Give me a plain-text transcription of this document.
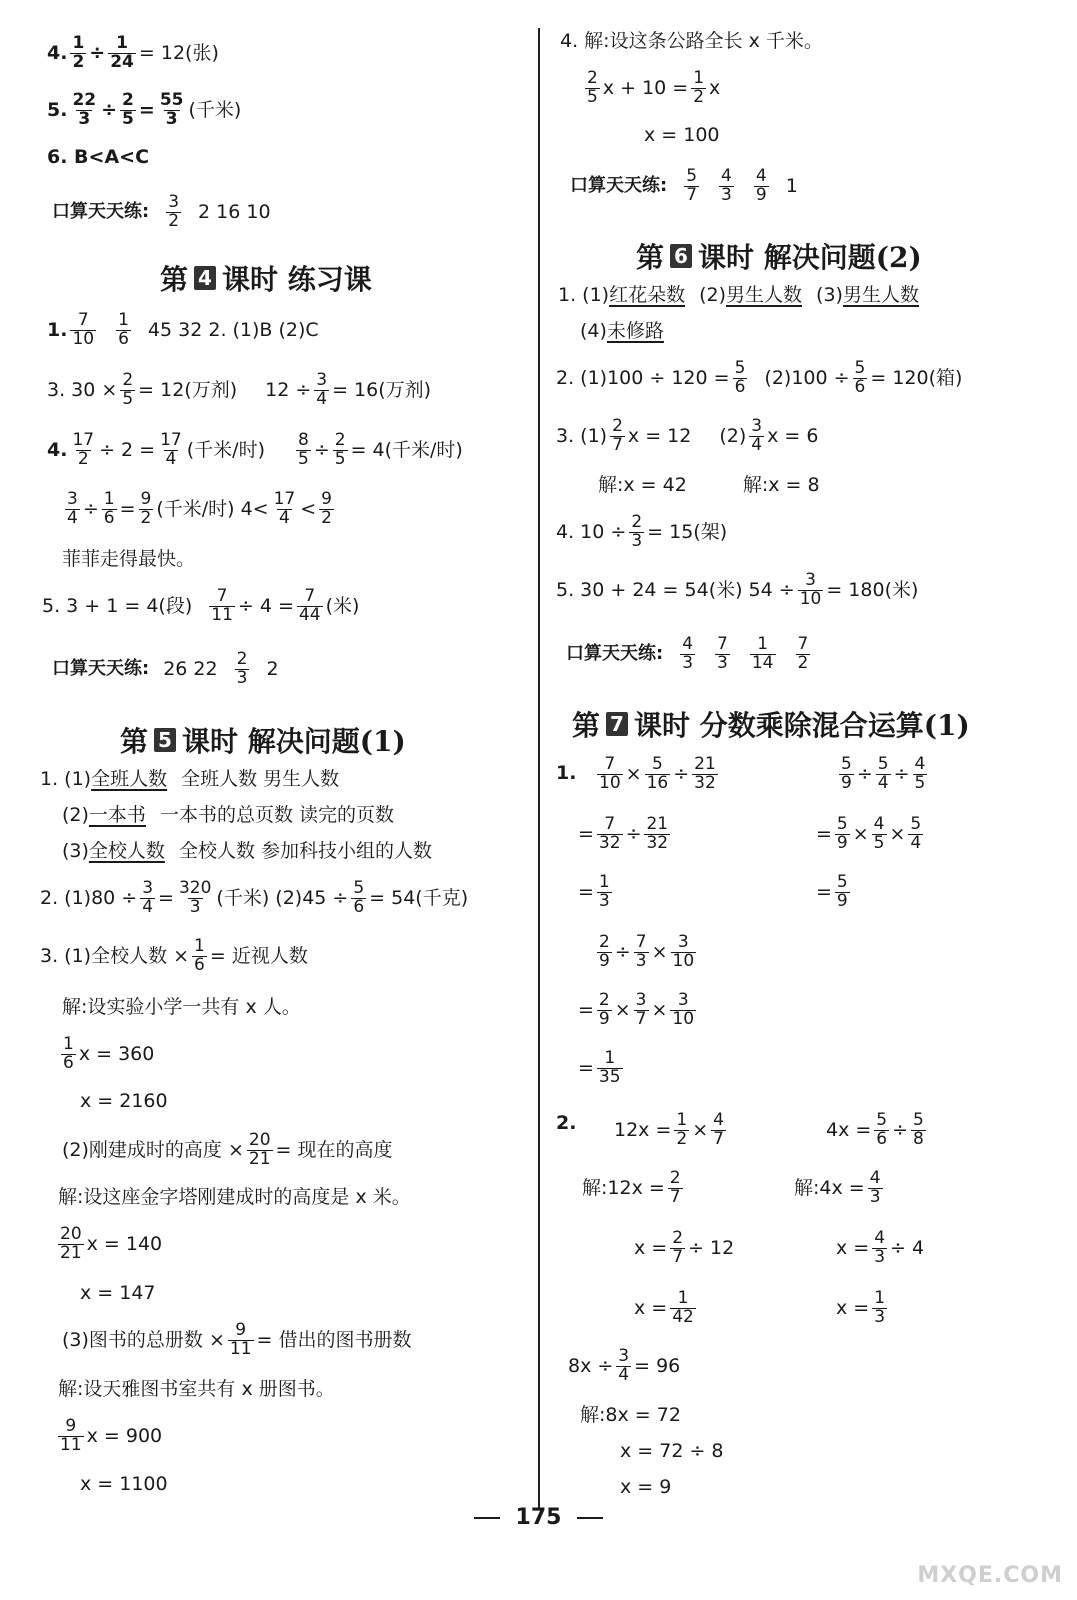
4. $\frac{1}{2} \div \frac{1}{24} = 12$(张)
5. $\frac{22}{3} \div \frac{2}{5} = \frac{55}{3}$ (千米)
6. B<A<C
口算天天练: $\frac{3}{2} 2$ 16 10
第 4 课时 练习课
1. $\frac{7}{10} \frac{1}{6} 45$ 32 2. (1)B (2)C
3. $30 \times \frac{2}{5} = 12$(万剂) $12 \div \frac{3}{4} = 16$(万剂)
4. $\frac{17}{2} \div 2 = \frac{17}{4}$ (千米/时) $\frac{8}{5} \div \frac{2}{5} = 4$(千米/时)
$\frac{3}{4} \div \frac{1}{6} = \frac{9}{2}$ (千米/时) $4< \frac{17}{4} < \frac{9}{2}$
菲菲走得最快。
5. 3 + 1 = 4(段) $\frac{7}{11} \div 4 = \frac{7}{44}$ (米)
口算天天练: 26 $22 \frac{2}{3} 2$
第 5 课时 解决问题(1)
1. (1) 全班人数 全班人数 男生人数
(2) 一本书 一本书的总页数 读完的页数
(3) 全校人数 全校人数 参加科技小组的人数
2. $(1)80 \div \frac{3}{4} = \frac{320}{3}$ (千米) $(2)45 \div \frac{5}{6} = 54$(千克)
3. (1)全校人数 × $\frac{1}{6}$ = 近视人数
解:设实验小学一共有 x 人。
$\frac{1}{6}$ x = 360
x = 2160
(2)刚建成时的高度 × $\frac{20}{21}$ = 现在的高度
解:设这座金字塔刚建成时的高度是 x 米。
$\frac{20}{21}$ x = 140
x = 147
(3)图书的总册数 × $\frac{9}{11}$ = 借出的图书册数
解:设天雅图书室共有 x 册图书。
$\frac{9}{11}$ x = 900
x = 1100
4. 解:设这条公路全长 x 千米。
$\frac{2}{5}$ $x + 10 = \frac{1}{2}$ x
x = 100
口算天天练: $\frac{5}{7} \frac{4}{3} \frac{4}{9} 1$
第 6 课时 解决问题(2)
1. (1) 红花朵数 (2) 男生人数 (3) 男生人数
(4) 未修路
2. $(1)100 \div 120 = \frac{5}{6} (2)100 \div \frac{5}{6} = 120$(箱)
3. $(1) \frac{2}{7}$ x = 12 $(2) \frac{3}{4}$ x = 6
解:x = 42	解:x = 8
4. $10 \div \frac{2}{3} = 15$(架)
5. 30 + 24 = 54(米) $54 \div \frac{3}{10} = 180$(米)
口算天天练: $\frac{4}{3} \frac{7}{3} \frac{1}{14} \frac{7}{2}$
第 7 课时 分数乘除混合运算(1)
1. $\frac{7}{10} \times \frac{5}{16} \div \frac{21}{32}$
= $\frac{7}{32} \div \frac{21}{32}$
= $\frac{1}{3}$
$\frac{5}{9} \div \frac{5}{4} \div \frac{4}{5}$
= $\frac{5}{9} \times \frac{4}{5} \times \frac{5}{4}$
= $\frac{5}{9}$
$\frac{2}{9} \div \frac{7}{3} \times \frac{3}{10}$
= $\frac{2}{9} \times \frac{3}{7} \times \frac{3}{10}$
= $\frac{1}{35}$
2. $12x = \frac{1}{2} \times \frac{4}{7}$
解:12x = $\frac{2}{7}$
$x = \frac{2}{7} \div 12$
$x = \frac{1}{42}$
$4x = \frac{5}{6} \div \frac{5}{8}$
解:4x = $\frac{4}{3}$
$x = \frac{4}{3} \div 4$
$x = \frac{1}{3}$
$8x \div \frac{3}{4} = 96$
解:8x = 72
x = 72 ÷ 8
x = 9
175
MXQE.COM
